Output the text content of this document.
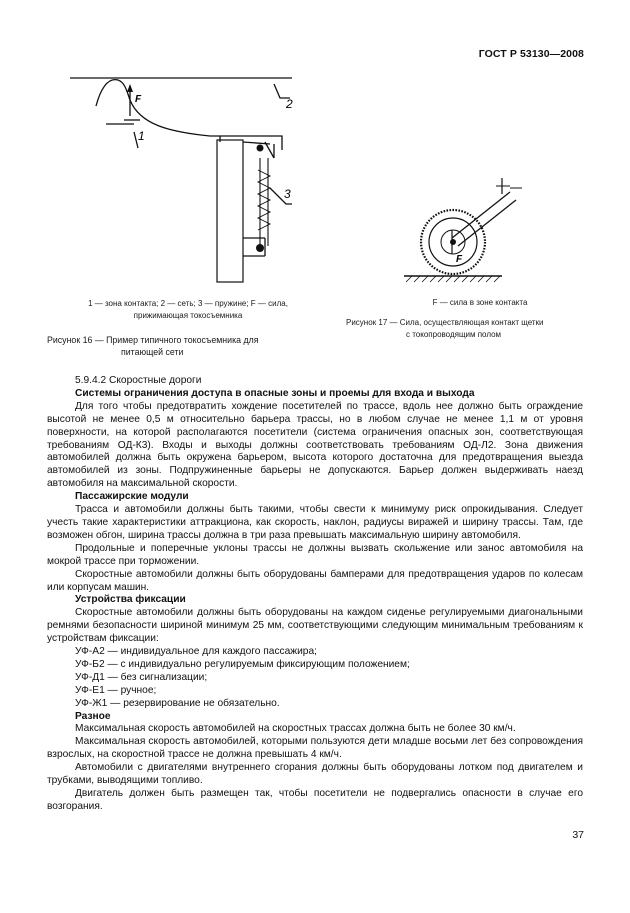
ГОСТ Р 53130—2008
F
1
2
3
1 — зона контакта; 2 — сеть; 3 — пружине; F — сила,
прижимающая токосъемника
Рисунок 16 — Пример типичного токосъемника для
питающей сети
F
F — сила в зоне контакта
Рисунок 17 — Сила, осуществляющая контакт щетки
с токопроводящим полом

5.9.4.2 Скоростные дороги

Системы ограничения доступа в опасные зоны и проемы для входа и выхода

Для того чтобы предотвратить хождение посетителей по трассе, вдоль нее должно быть ограждение высотой не менее 0,5 м относительно барьера трассы, но в любом случае не менее 1,1 м от уровня поверхности, на которой располагаются посетители (система ограничения опасных зон, соответствующая требованиям ОД-К3). Входы и выходы должны соответствовать требованиям ОД-Л2. Зона движения автомобилей должна быть окружена барьером, высота которого достаточна для предотвращения выезда автомобилей из зоны. Подпружиненные барьеры не допускаются. Барьер должен выдерживать наезд автомобиля на максимальной скорости.

Пассажирские модули

Трасса и автомобили должны быть такими, чтобы свести к минимуму риск опрокидывания. Следует учесть такие характеристики аттракциона, как скорость, наклон, радиусы виражей и ширину трассы. Там, где возможен обгон, ширина трассы должна в три раза превышать максимальную ширину автомобиля.

Продольные и поперечные уклоны трассы не должны вызвать скольжение или занос автомобиля на мокрой трассе при торможении.

Скоростные автомобили должны быть оборудованы бамперами для предотвращения ударов по колесам или корпусам машин.

Устройства фиксации

Скоростные автомобили должны быть оборудованы на каждом сиденье регулируемыми диагональными ремнями безопасности шириной минимум 25 мм, соответствующими следующим минимальным требованиям к устройствам фиксации:

УФ-А2 — индивидуальное для каждого пассажира;

УФ-Б2 — с индивидуально регулируемым фиксирующим положением;

УФ-Д1 — без сигнализации;

УФ-Е1 — ручное;

УФ-Ж1 — резервирование не обязательно.

Разное

Максимальная скорость автомобилей на скоростных трассах должна быть не более 30 км/ч.

Максимальная скорость автомобилей, которыми пользуются дети младше восьми лет без сопровождения взрослых, на скоростной трассе не должна превышать 4 км/ч.

Автомобили с двигателями внутреннего сгорания должны быть оборудованы лотком под двигателем и трубками, выводящими топливо.

Двигатель должен быть размещен так, чтобы посетители не подвергались опасности в случае его возгорания.

37
